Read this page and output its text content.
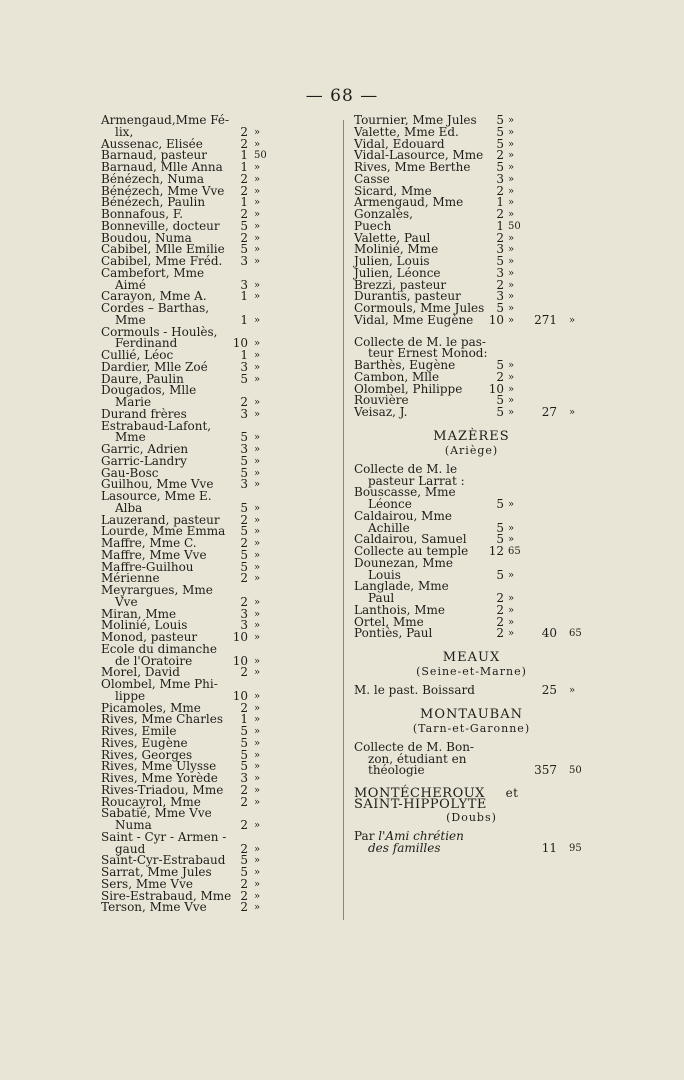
— 68 —
Armengaud,Mme Fé-
lix,	2 »
Aussenac, Elisée	2 »
Barnaud, pasteur	1 50
Barnaud, Mlle Anna	1 »
Bénézech, Numa	2 »
Bénézech, Mme Vve	2 »
Bénézech, Paulin	1 »
Bonnafous, F.	2 »
Bonneville, docteur	5 »
Boudou, Numa	2 »
Cabibel, Mlle Emilie	5 »
Cabibel, Mme Fréd.	3 »
Cambefort, Mme
Aimé	3 »
Carayon, Mme A.	1 »
Cordes – Barthas,
Mme	1 »
Cormouls - Houlès,
Ferdinand	10 »
Cullié, Léoc	1 »
Dardier, Mlle Zoé	3 »
Daure, Paulin	5 »
Dougados, Mlle
Marie	2 »
Durand frères	3 »
Estrabaud-Lafont,
Mme	5 »
Garric, Adrien	3 »
Garric-Landry	5 »
Gau-Bosc	5 »
Guilhou, Mme Vve	3 »
Lasource, Mme E.
Alba	5 »
Lauzerand, pasteur	2 »
Lourde, Mme Emma	5 »
Maffre, Mme C.	2 »
Maffre, Mme Vve	5 »
Maffre-Guilhou	5 »
Mérienne	2 »
Meyrargues, Mme
Vve	2 »
Miran, Mme	3 »
Molinié, Louis	3 »
Monod, pasteur	10 »
Ecole du dimanche
de l'Oratoire	10 »
Morel, David	2 »
Olombel, Mme Phi-
lippe	10 »
Picamoles, Mme	2 »
Rives, Mme Charles	1 »
Rives, Emile	5 »
Rives, Eugène	5 »
Rives, Georges	5 »
Rives, Mme Ulysse	5 »
Rives, Mme Yorède	3 »
Rives-Triadou, Mme	2 »
Roucayrol, Mme	2 »
Sabatié, Mme Vve
Numa	2 »
Saint - Cyr - Armen -
gaud	2 »
Saint-Cyr-Estrabaud	5 »
Sarrat, Mme Jules	5 »
Sers, Mme Vve	2 »
Sire-Estrabaud, Mme 2 »
Terson, Mme Vve	2 »
Tournier, Mme Jules	5 »
Valette, Mme Ed.	5 »
Vidal, Edouard	5 »
Vidal-Lasource, Mme	2 »
Rives, Mme Berthe	5 »
Casse	3 »
Sicard, Mme	2 »
Armengaud, Mme	1 »
Gonzalès,	2 »
Puech	1 50
Valette, Paul	2 »
Molinié, Mme	3 »
Julien, Louis	5 »
Julien, Léonce	3 »
Brezzi, pasteur	2 »
Durantis, pasteur	3 »
Cormouls, Mme Jules	5 »
Vidal, Mme Eugène	10 »	271 »
Collecte de M. le pas-
teur Ernest Monod:
Barthès, Eugène	5 »
Cambon, Mlle	2 »
Olombel, Philippe	10 »
Rouvière	5 »
Veisaz, J.	5 »	27 »
MAZÈRES
(Ariège)
Collecte de M. le
pasteur Larrat :
Bouscasse, Mme
Léonce	5 »
Caldairou, Mme
Achille	5 »
Caldairou, Samuel	5 »
Collecte au temple	12 65
Dounezan, Mme
Louis	5 »
Langlade, Mme
Paul	2 »
Lanthois, Mme	2 »
Ortel, Mme	2 »
Pontiès, Paul	2 »	40 65
MEAUX
(Seine-et-Marne)
M. le past. Boissard	25 »
MONTAUBAN
(Tarn-et-Garonne)
Collecte de M. Bon-
zon, étudiant en
théologie	357 50
MONTÉCHEROUX et
SAINT-HIPPOLYTE
(Doubs)
Par l'Ami chrétien
des familles	11 95
